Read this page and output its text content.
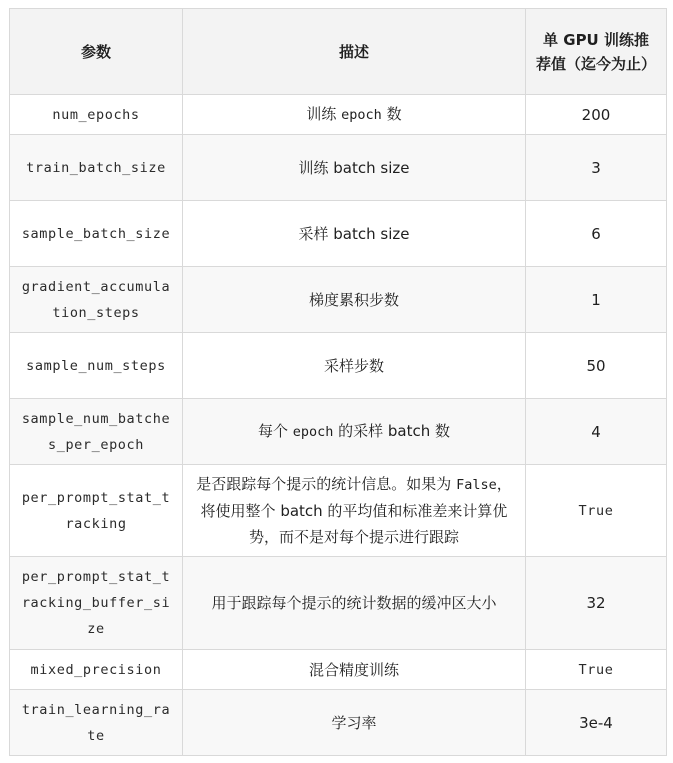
参数	描述	单 GPU 训练推荐值（迄今为止）
num_epochs	训练 epoch 数	200
train_batch_size	训练 batch size	3
sample_batch_size	采样 batch size	6
gradient_accumulation_steps	梯度累积步数	1
sample_num_steps	采样步数	50
sample_num_batches_per_epoch	每个 epoch 的采样 batch 数	4
per_prompt_stat_tracking	是否跟踪每个提示的统计信息。如果为 False，将使用整个 batch 的平均值和标准差来计算优势，而不是对每个提示进行跟踪	True
per_prompt_stat_tracking_buffer_size	用于跟踪每个提示的统计数据的缓冲区大小	32
mixed_precision	混合精度训练	True
train_learning_rate	学习率	3e-4
